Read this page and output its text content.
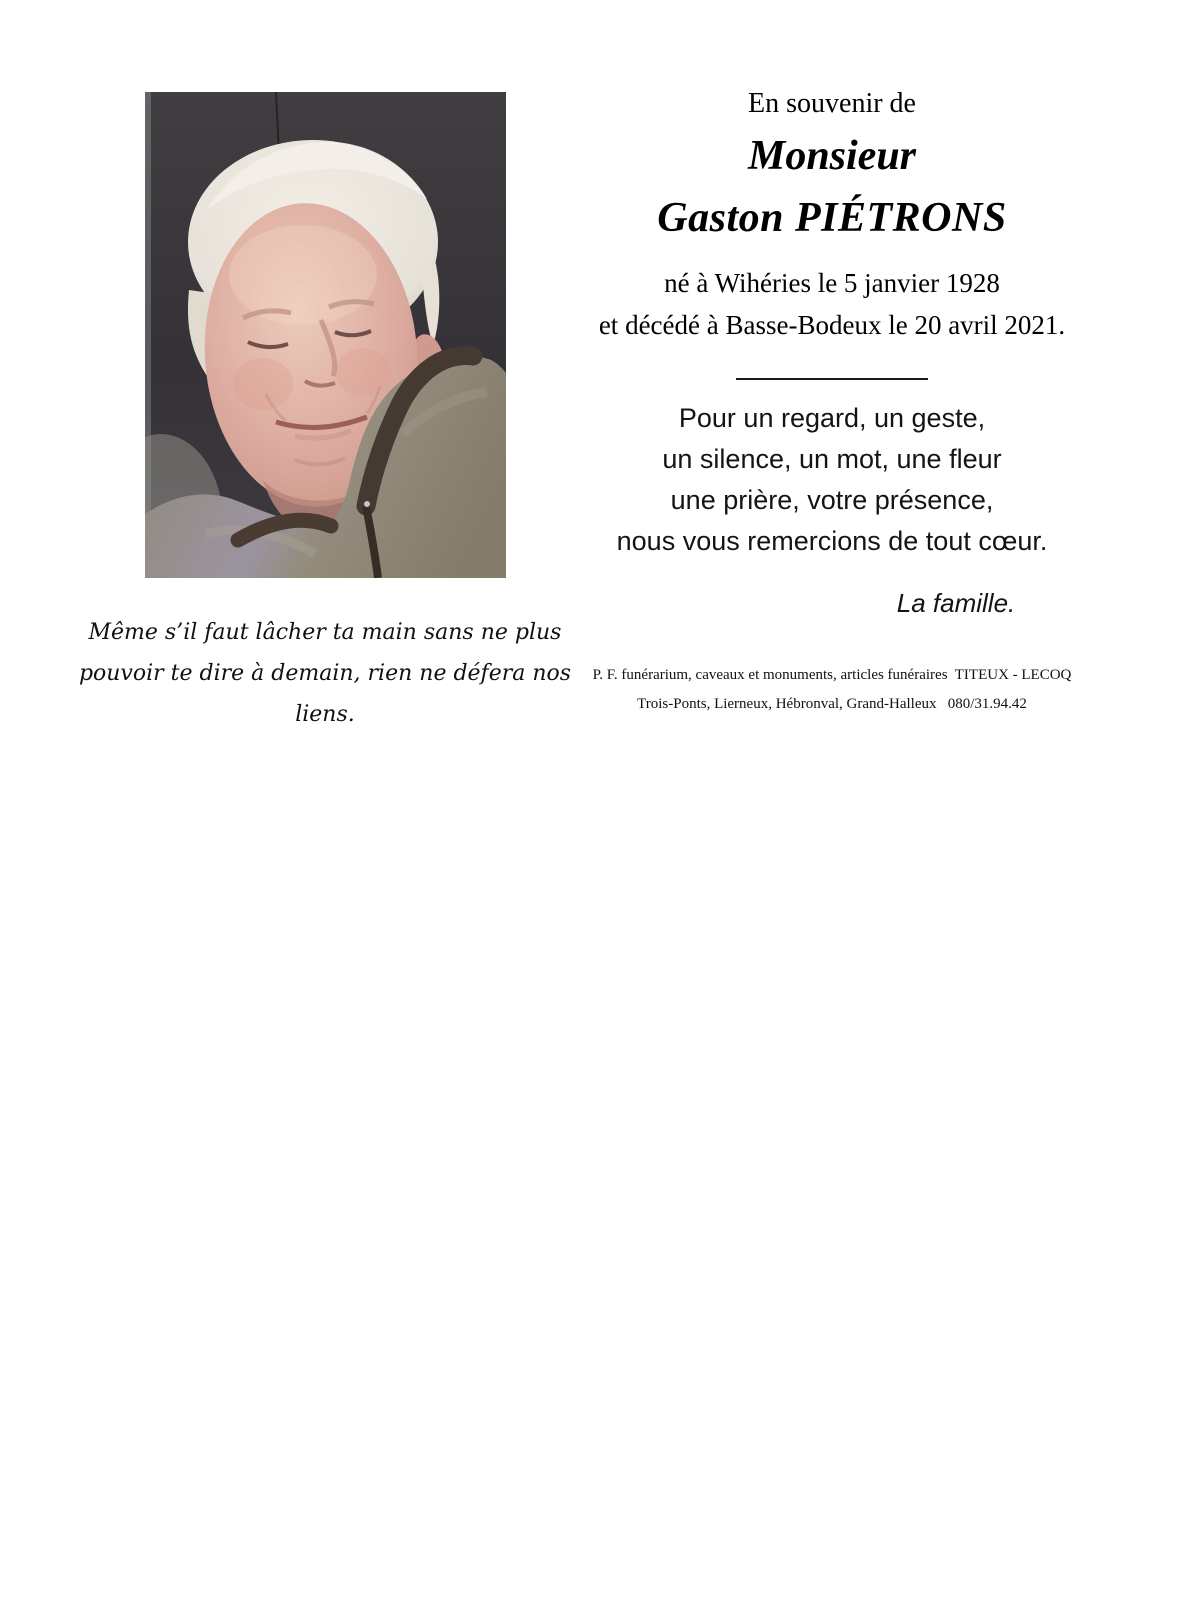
Même s’il faut lâcher ta main sans ne plus
pouvoir te dire à demain, rien ne défera nos liens.
En souvenir de
Monsieur
Gaston PIÉTRONS
né à Wihéries le 5 janvier 1928
et décédé à Basse-Bodeux le 20 avril 2021.
Pour un regard, un geste,
un silence, un mot, une fleur
une prière, votre présence,
nous vous remercions de tout cœur.
La famille.
P. F. funérarium, caveaux et monuments, articles funéraires  TITEUX - LECOQ
Trois-Ponts, Lierneux, Hébronval, Grand-Halleux   080/31.94.42
